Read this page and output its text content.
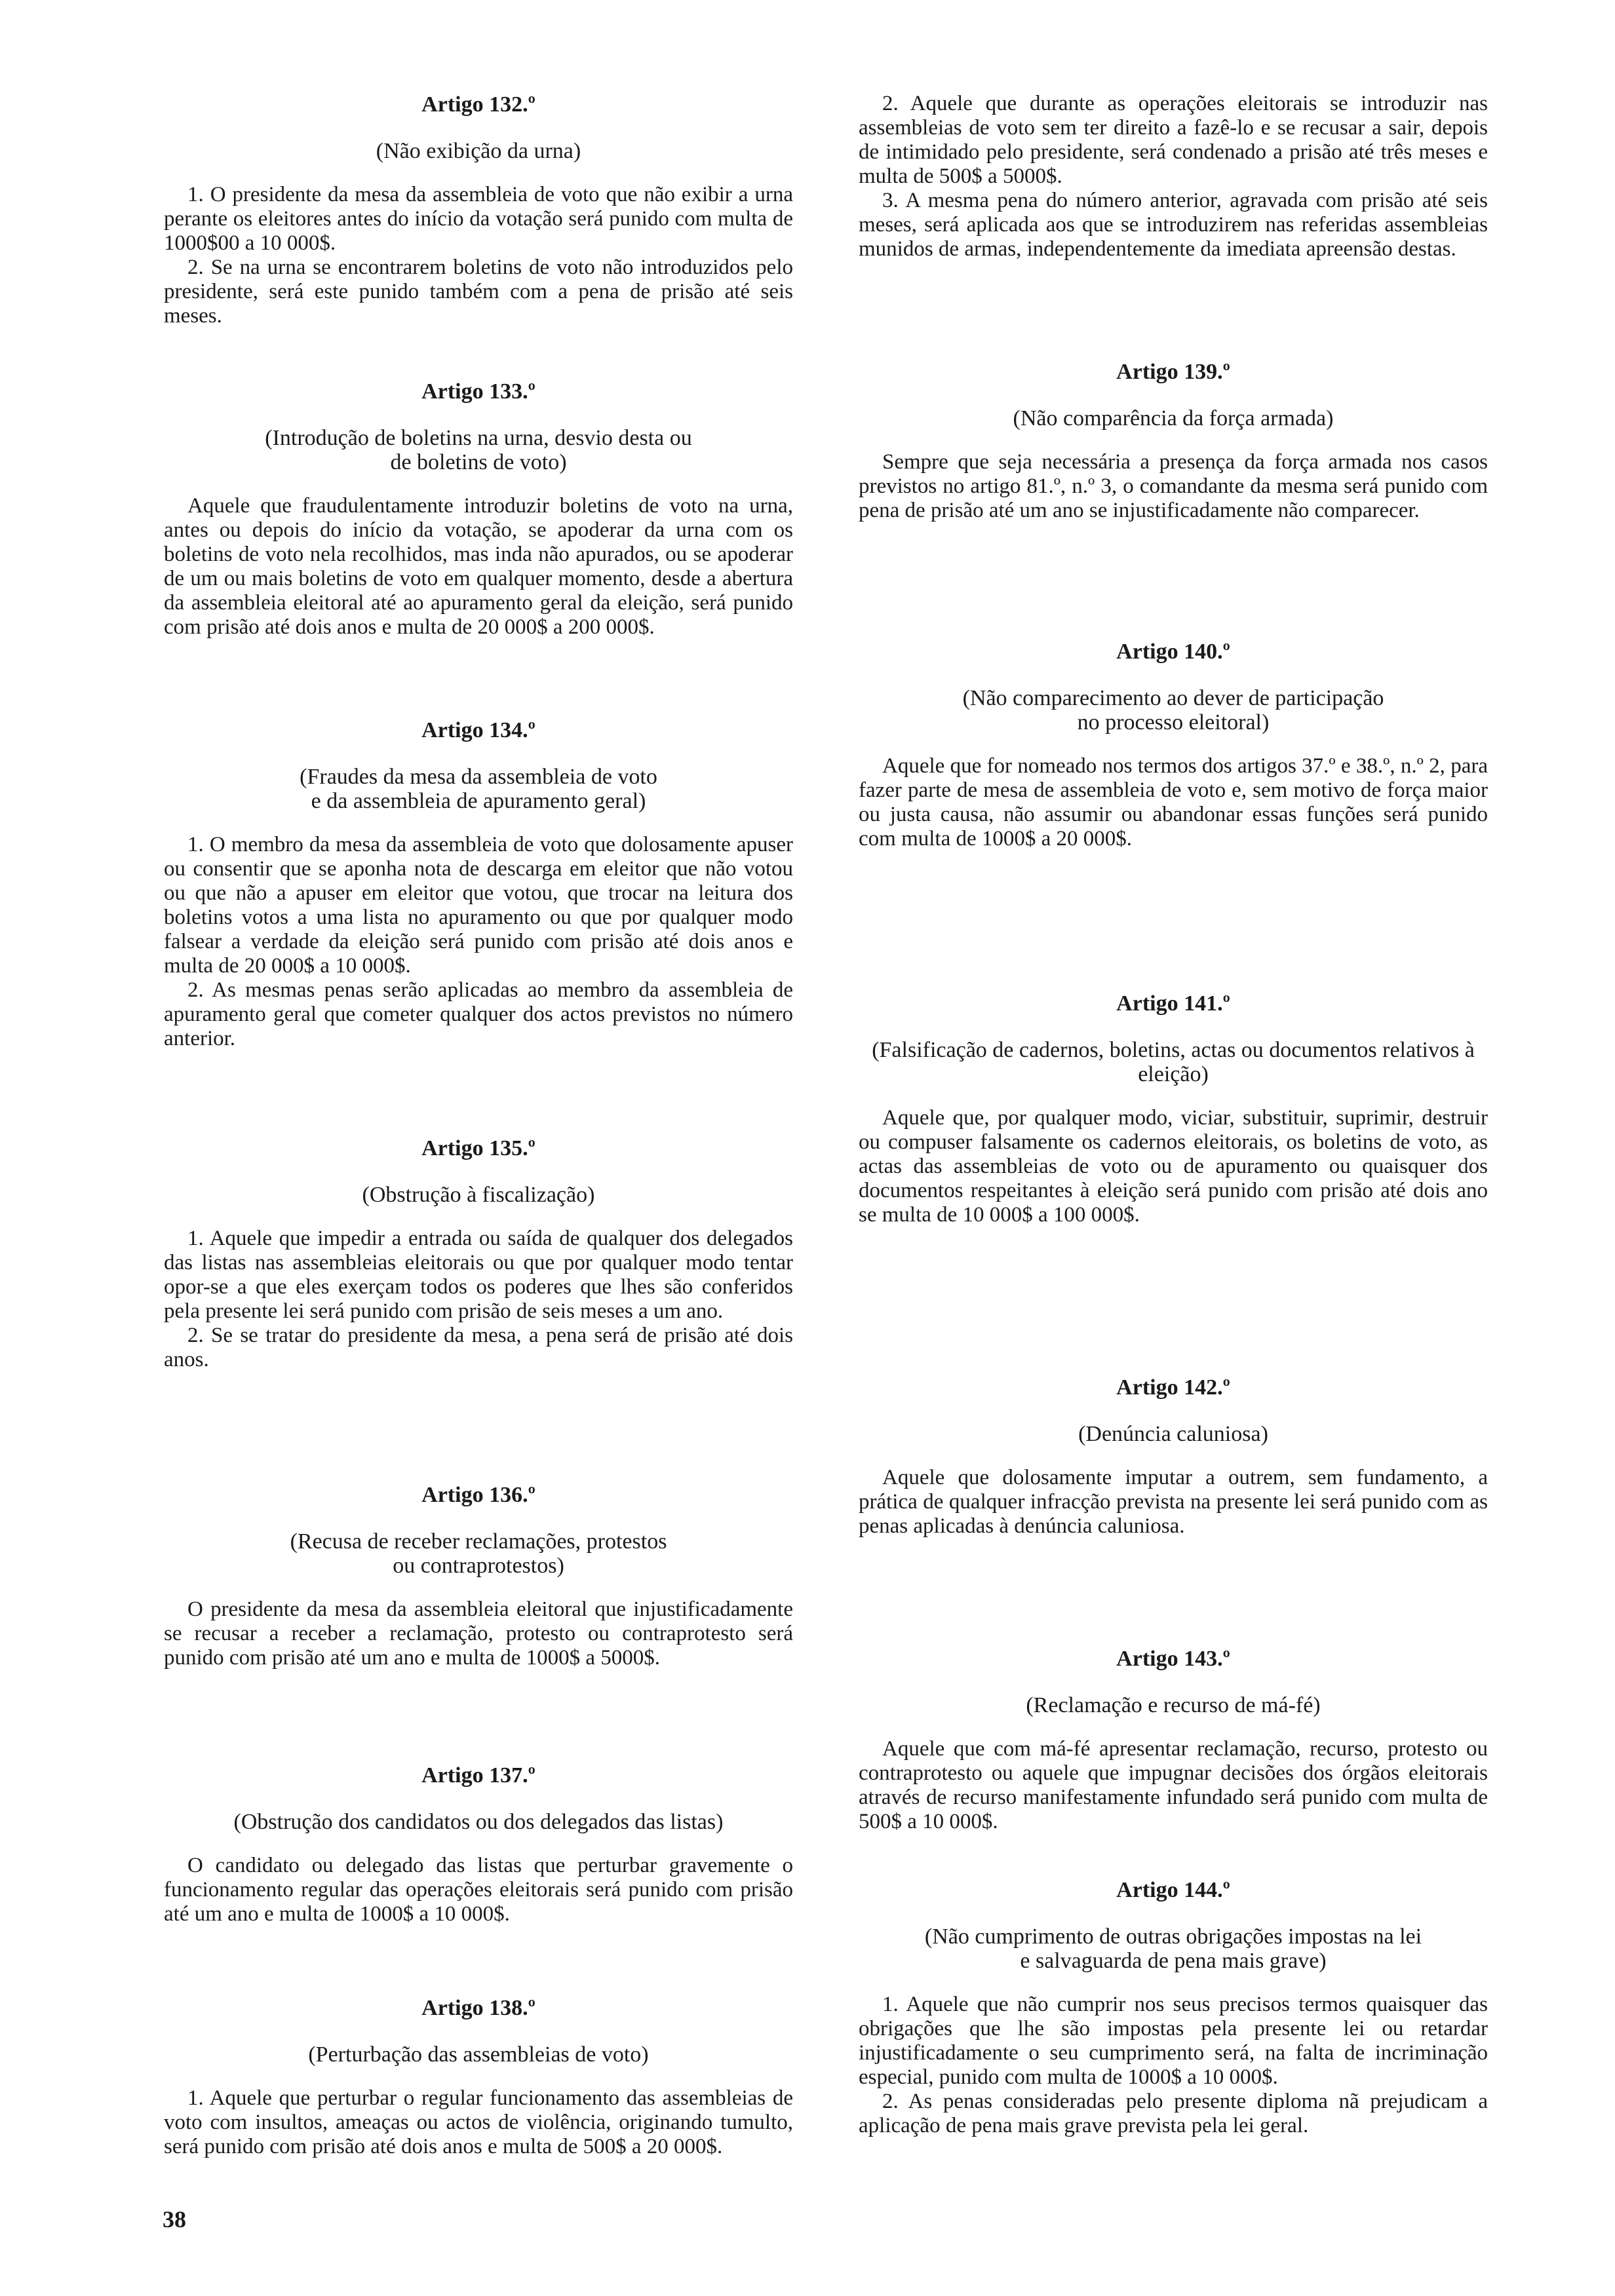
Artigo 132.º
(Não exibição da urna)

1. O presidente da mesa da assembleia de voto que não exibir a urna perante os eleitores antes do início da votação será punido com multa de 1000$00 a 10 000$.

2. Se na urna se encontrarem boletins de voto não introduzidos pelo presidente, será este punido também com a pena de prisão até seis meses.

Artigo 133.º
(Introdução de boletins na urna, desvio desta ou
de boletins de voto)

Aquele que fraudulentamente introduzir boletins de voto na urna, antes ou depois do início da votação, se apoderar da urna com os boletins de voto nela recolhidos, mas inda não apurados, ou se apoderar de um ou mais boletins de voto em qualquer momento, desde a abertura da assembleia eleitoral até ao apuramento geral da eleição, será punido com prisão até dois anos e multa de 20 000$ a 200 000$.

Artigo 134.º
(Fraudes da mesa da assembleia de voto
e da assembleia de apuramento geral)

1. O membro da mesa da assembleia de voto que dolosamente apuser ou consentir que se aponha nota de descarga em eleitor que não votou ou que não a apuser em eleitor que votou, que trocar na leitura dos boletins votos a uma lista no apuramento ou que por qualquer modo falsear a verdade da eleição será punido com prisão até dois anos e multa de 20 000$ a 10 000$.

2. As mesmas penas serão aplicadas ao membro da assembleia de apuramento geral que cometer qualquer dos actos previstos no número anterior.

Artigo 135.º
(Obstrução à fiscalização)

1. Aquele que impedir a entrada ou saída de qualquer dos delegados das listas nas assembleias eleitorais ou que por qualquer modo tentar opor-se a que eles exerçam todos os poderes que lhes são conferidos pela presente lei será punido com prisão de seis meses a um ano.

2. Se se tratar do presidente da mesa, a pena será de prisão até dois anos.

Artigo 136.º
(Recusa de receber reclamações, protestos
ou contraprotestos)

O presidente da mesa da assembleia eleitoral que injustificadamente se recusar a receber a reclamação, protesto ou contraprotesto será punido com prisão até um ano e multa de 1000$ a 5000$.

Artigo 137.º
(Obstrução dos candidatos ou dos delegados das listas)

O candidato ou delegado das listas que perturbar gravemente o funcionamento regular das operações eleitorais será punido com prisão até um ano e multa de 1000$ a 10 000$.

Artigo 138.º
(Perturbação das assembleias de voto)

1. Aquele que perturbar o regular funcionamento das assembleias de voto com insultos, ameaças ou actos de violência, originando tumulto, será punido com prisão até dois anos e multa de 500$ a 20 000$.

2. Aquele que durante as operações eleitorais se introduzir nas assembleias de voto sem ter direito a fazê-lo e se recusar a sair, depois de intimidado pelo presidente, será condenado a prisão até três meses e multa de 500$ a 5000$.

3. A mesma pena do número anterior, agravada com prisão até seis meses, será aplicada aos que se introduzirem nas referidas assembleias munidos de armas, independentemente da imediata apreensão destas.

Artigo 139.º
(Não comparência da força armada)

Sempre que seja necessária a presença da força armada nos casos previstos no artigo 81.º, n.º 3, o comandante da mesma será punido com pena de prisão até um ano se injustificadamente não comparecer.

Artigo 140.º
(Não comparecimento ao dever de participação
no processo eleitoral)

Aquele que for nomeado nos termos dos artigos 37.º e 38.º, n.º 2, para fazer parte de mesa de assembleia de voto e, sem motivo de força maior ou justa causa, não assumir ou abandonar essas funções será punido com multa de 1000$ a 20 000$.

Artigo 141.º
(Falsificação de cadernos, boletins, actas ou documentos relativos à eleição)

Aquele que, por qualquer modo, viciar, substituir, suprimir, destruir ou compuser falsamente os cadernos eleitorais, os boletins de voto, as actas das assembleias de voto ou de apuramento ou quaisquer dos documentos respeitantes à eleição será punido com prisão até dois ano se multa de 10 000$ a 100 000$.

Artigo 142.º
(Denúncia caluniosa)

Aquele que dolosamente imputar a outrem, sem fundamento, a prática de qualquer infracção prevista na presente lei será punido com as penas aplicadas à denúncia caluniosa.

Artigo 143.º
(Reclamação e recurso de má-fé)

Aquele que com má-fé apresentar reclamação, recurso, protesto ou contraprotesto ou aquele que impugnar decisões dos órgãos eleitorais através de recurso manifestamente infundado será punido com multa de 500$ a 10 000$.

Artigo 144.º
(Não cumprimento de outras obrigações impostas na lei
e salvaguarda de pena mais grave)

1. Aquele que não cumprir nos seus precisos termos quaisquer das obrigações que lhe são impostas pela presente lei ou retardar injustificadamente o seu cumprimento será, na falta de incriminação especial, punido com multa de 1000$ a 10 000$.

2. As penas consideradas pelo presente diploma nã prejudicam a aplicação de pena mais grave prevista pela lei geral.

38
